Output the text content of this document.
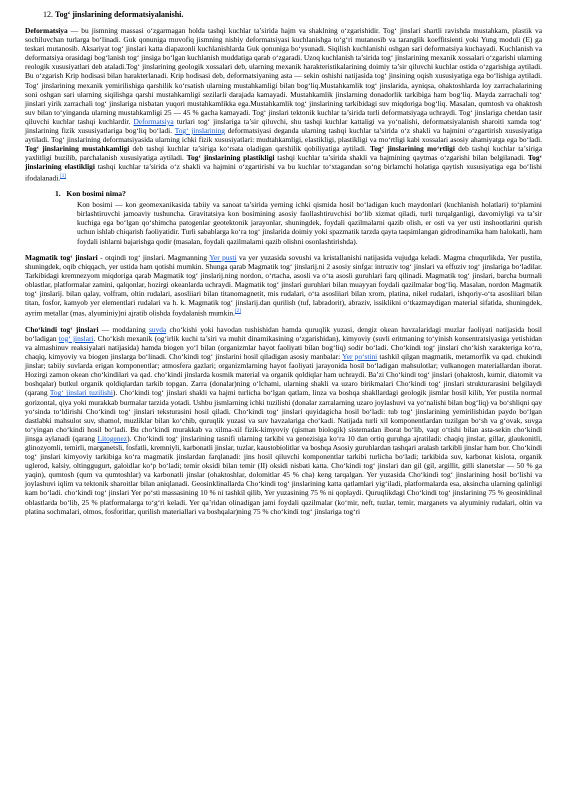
12. Tog‘ jinslarining deformatsiyalanishi.

Deformatsiya — bu jismning massasi o‘zgarmagan holda tashqi kuchlar ta’sirida hajm va shaklning o‘zgarishidir. Tog‘ jinslari shartli ravishda mustahkam, plastik va sochiluvchan turlarga bo‘linadi. Guk qonuniga muvofiq jismning nisbiy deformatsiyasi kuchlanishga to‘g‘ri mutanosib va taranglik koeffitsienti yoki Yung moduli (E) ga teskari mutanosib. Aksariyat tog‘ jinslari katta diapazonli kuchlanishlarda Guk qonuniga bo‘ysunadi. Siqilish kuchlanishi oshgan sari deformatsiya kuchayadi. Kuchlanish va deformatsiya orasidagi bog‘lanish tog‘ jinsiga bo‘lgan kuchlanish muddatiga qarab o‘zgaradi. Uzoq kuchlanish ta’sirida tog‘ jinslarining mexanik xossalari o‘zgarishi ularning reologik xususiyatlari deb ataladi.Tog‘ jinslarining geologik xossalari deb, ularning mexanik harakteristikalarining doimiy ta’sir qiluvchi kuchlar ostida o‘zgarishiga aytiladi. Bu o‘zgarish Krip hodisasi bilan harakterlanadi. Krip hodisasi deb, deformatsiyaning asta — sekin oshishi natijasida tog‘ jinsining oqish xususiyatiga ega bo‘lishiga aytiladi. Tog‘ jinslarining mexanik yemirilishiga qarshilik ko‘rsatish ularning mustahkamligi bilan bog‘liq.Mustahkamlik tog‘ jinslarida, ayniqsa, ohaktoshlarda loy zarrachalarining soni oshgan sari ularning siqilishga qarshi mustahkamligi sezilarli darajada kamayadi. Mustahkamlik jinslarning donadorlik tarkibiga ham bog‘liq. Mayda zarrachali tog‘ jinslari yirik zarrachali tog‘ jinslariga nisbatan yuqori mustahkamlikka ega.Mustahkamlik tog‘ jinslarining tarkibidagi suv miqdoriga bog‘liq. Masalan, qumtosh va ohaktosh suv bilan to‘yinganda ularning mustahkamligi 25 — 45 % gacha kamayadi. Tog‘ jinslari tektonik kuchlar ta’sirida turli deformatsiyaga uchraydi. Tog‘ jinslariga chetdan tasir qiluvchi kuchlar tashqi kuchlardir. Deformatsiya turlari tog‘ jinslariga ta’sir qiluvchi, shu tashqi kuchlar kattaligi va yo‘nalishi, deformatsiyalanish sharoiti xamda tog‘ jinslarining fizik xususiyatlariga bog‘liq bo‘ladi. Tog‘ jinslarining deformatsiyasi deganda ularning tashqi kuchlar ta’sirida o‘z shakli va hajmini o‘zgartirish xususiyatiga aytiladi. Tog‘ jinslarining deformatsiyasida ularning ichki fizik xususiyatlari: mudtahkamligi, elastikligi, plastikligi va mo‘rtligi kabi xossalari asosiy ahamiyatga ega bo‘ladi. Tog‘ jinslarining mustahkamligi deb tashqi kuchlar ta’siriga ko‘rsata oladigan qarshilik qobiliyatiga aytiladi. Tog‘ jinslarining mo‘rtligi deb tashqi kuchlar ta’siriga yaxlitligi buzilib, parchalanish xususiyatiga aytiladi. Tog‘ jinslarining plastikligi tashqi kuchlar ta’sirida shakli va hajmining qaytmas o‘zgarishi bilan belgilanadi. Tog‘ jinslarining elastikligi tashqi kuchlar ta’sirida o‘z shakli va hajmini o‘zgartirishi va bu kuchlar to‘xtagandan so‘ng birlamchi holatiga qaytish xususiyatiga ega bo‘lishi ifodalanadi.[1]

1. Kon bosimi nima?

Kon bosimi — kon geomexanikasida tabiiy va sanoat ta’sirida yerning ichki qismida hosil bo‘ladigan kuch maydonlari (kuchlanish holatlari) to‘plamini birlashtiruvchi jamoaviy tushuncha. Gravitatsiya kon bosimining asosiy faollashtiruvchisi bo‘lib xizmat qiladi, turli turqalganligi, davomiyligi va ta’sir kuchiga ega bo‘lgan qo‘shimcha patogenlar geotektonik jarayonlar, shuningdek, foydali qazilmalarni qazib olish, er osti va yer usti inshootlarini qurish uchun ishlab chiqarish faoliyatidir. Turli sabablarga ko‘ra tog‘ jinslarida doimiy yoki spazmatik tarzda qayta taqsimlangan gidrodinamika ham halokatli, ham foydali ishlarni bajarishga qodir (masalan, foydali qazilmalarni qazib olishni osonlashtirishda).

Magmatik tog‘ jinslari - otqindi tog‘ jinslari. Magmanning Yer pusti va yer yuzasida sovushi va kristallanishi natijasida vujudga keladi. Magma chuqurlikda, Yer pustila, shuningdek, oqib chiqqach, yer ustida ham qotishi mumkin. Shunga qarab Magmatik tog‘ jinslarij.ni 2 asosiy sinfga: intruziv tog‘ jinslari va effuziv tog‘ jinslariga bo‘ladilar. Tarkibidagi kremnezyom miqdoriga qarab Magmatik tog‘ jinslarij.ning nordon, o‘rtacha, asosli va o‘ta asosli guruhlari farq qilinadi. Magmatik tog‘ jinslari, barcha burmali oblastlar, platformalar zamini, qalqonlar, hozirgi okeanlarda uchraydi. Magmatik tog‘ jinslari guruhlari bilan muayyan foydali qazilmalar bog‘liq. Masalan, nordon Magmatik tog‘ jinslarij. bilan qalay, volfram, oltin rudalari, asosliiari bilan titanomagnetit, mis rudalari, o‘ta asosliiari bilan xrom, platina, nikel rudalari, ishqoriy-o‘ta asosliiari bilan titan, fosfor, kamyob yer elementlari rudalari va h. k. Magmatik tog‘ jinslarij.dan qurilish (tuf, labradorit), abraziv, issiklikni o‘tkazmaydigan material sifatida, shuningdek, ayrim metallar (mas, alyuminiy)ni ajratib olishda foydalanish mumkin.[2]

Cho‘kindi tog‘ jinslari — moddaning suvda cho‘kishi yoki havodan tushishidan hamda quruqlik yuzasi, dengiz okean havzalaridagi muzlar faoliyati natijasida hosil bo‘ladigan tog‘ jinslari. Cho‘kish mexanik (og‘irlik kuchi ta’siri va muhit dinamikasining o‘zgarishidan), kimyoviy (suvli eritmaning to‘yinish konsentratsiyasiga yetishidan va almashinuv reaksiyalari natijasida) hamda biogen yo‘l bilan (organizmlar hayot faoliyati bilan bog‘liq) sodir bo‘ladi. Cho‘kindi tog‘ jinslari cho‘kish xarakteriga ko‘ra, chaqiq, kimyoviy va biogen jinslarga bo‘linadi. Cho‘kindi tog‘ jinslarini hosil qiladigan asosiy manbalar: Yer po‘stini tashkil qilgan magmatik, metamorfik va qad. chukindi jinslar; tabiiy suvlarda erigan komponentlar; atmosfera gazlari; organizmlarning hayot faoliyati jarayonida hosil bo‘ladigan mahsulotlar; vulkanogen materiallardan iborat. Hozirgi zamon okean cho‘kindilari va qad. cho‘kindi jinslarda kosmik material va organik qoldiqlar ham uchraydi. Ba’zi Cho‘kindi tog‘ jinslari (ohaktosh, kumir, diatomit va boshqalar) butkul organik qoldiqlardan tarkib topgan. Zarra (donalar)ning o‘lchami, ularning shakli va uzaro birikmalari Cho‘kindi tog‘ jinslari strukturarasini belgilaydi (qarang Tog‘ jinslari tuzilishi). Cho‘kindi tog‘ jinslari shakli va hajmi turlicha bo‘lgan qatlam, linza va boshqa shakllardagi geologik jismlar hosil kilib, Yer pustila normal gorizontal, qiya yoki murakkab burmalar tarzida yotadi. Ushbu jismlarning ichki tuzilishi (donalar zarralarning uzaro joylashuvi va yo‘nalishi bilan bog‘liq) va bo‘shliqni qay yo‘sinda to‘ldirishi Cho‘kindi tog‘ jinslari teksturasini hosil qiladi. Cho‘kindi tog‘ jinslari quyidagicha hosil bo‘ladi: tub tog‘ jinslarining yemirilishidan paydo bo‘lgan dastlabki mahsulot suv, shamol, muzliklar bilan ko‘chib, quruqlik yuzasi va suv havzalariga cho‘kadi. Natijada turli xil komponentlardan tuzilgan bo‘sh va g‘ovak, suvga to‘yingan cho‘kindi hosil bo‘ladi. Bu cho‘kindi murakkab va xilma-xil fizik-kimyoviy (qisman biologik) sistemadan iborat bo‘lib, vaqt o‘tishi bilan asta-sekin cho‘kindi jinsga aylanadi (qarang Litogenez). Cho‘kindi tog‘ jinslarining tasnifi ularning tarkibi va genezisiga ko‘ra 10 dan ortiq guruhga ajratiladi: chaqiq jinslar, gillar, glaukonitli, glinozyomli, temirli, marganetsli, fosfatli, kremniyli, karbonatli jinslar, tuzlar, kaustobiolitlar va boshqa Asosiy guruhlardan tashqari aralash tarkibli jinslar ham bor. Cho‘kindi tog‘ jinslari kimyoviy tarkibiga ko‘ra magmatik jinslardan farqlanadi: jins hosil qiluvchi komponentlar tarkibi turlicha bo‘ladi; tarkibida suv, karbonat kislota, organik uglerod, kalsiy, oltinggugurt, galoidlar ko‘p bo‘ladi; temir oksidi bilan temir (II) oksidi nisbati katta. Cho‘kindi tog‘ jinslari dan gil (gil, argillit, gilli slanetslar — 50 % ga yaqin), qumtosh (qum va qumtoshlar) va karbonatli jinslar (ohaktoshlar, dolomitlar 45 % cha) keng tarqalgan. Yer yuzasida Cho‘kindi tog‘ jinslarining hosil bo‘lishi va joylashuvi iqlim va tektonik sharoitlar bilan aniqlanadi. Geosinklinallarda Cho‘kindi tog‘ jinslarining katta qatlamlari yig‘iladi, platformalarda esa, aksincha ularning qalinligi kam bo‘ladi. cho‘kindi tog‘ jinslari Yer po‘sti massasining 10 % ni tashkil qilib, Yer yuzasining 75 % ni qoplaydi. Quruqlikdagi Cho‘kindi tog‘ jinslarining 75 % geosinklinal oblastlarda bo‘lib, 25 % platformalarga to‘g‘ri keladi. Yer qa’ridan olinadigan jami foydali qazilmalar (ko‘mir, neft, tuzlar, temir, marganets va alyuminiy rudalari, oltin va platina sochmalari, olmos, fosforitlar, qurilish materiallari va boshqalar)ning 75 % cho‘kindi tog‘ jinslariga tog‘ri
